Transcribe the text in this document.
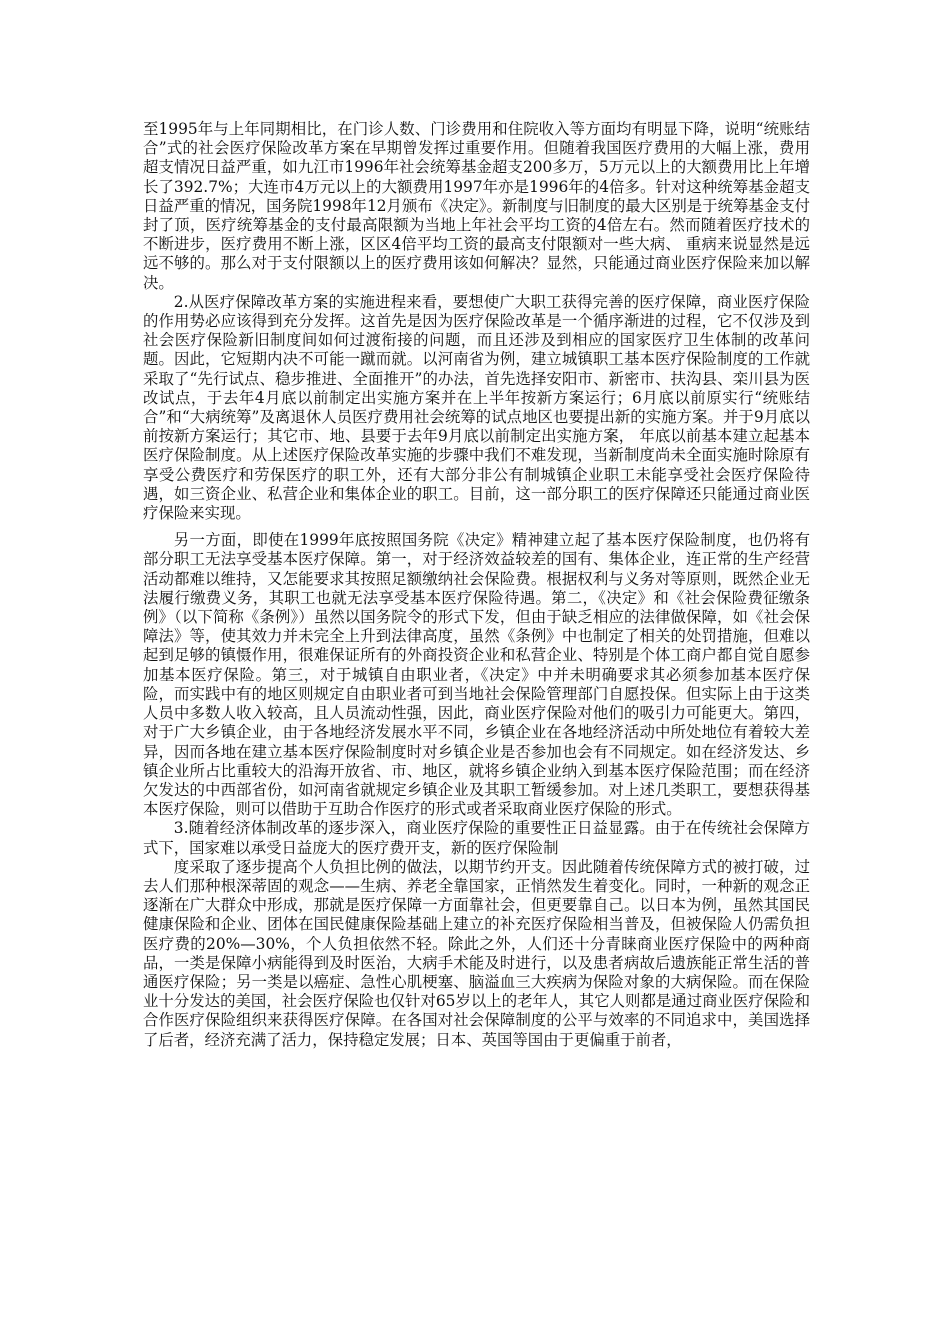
至1995年与上年同期相比，在门诊人数、门诊费用和住院收入等方面均有明显下降，说明“统账结合”式的社会医疗保险改革方案在早期曾发挥过重要作用。但随着我国医疗费用的大幅上涨，费用超支情况日益严重，如九江市1996年社会统筹基金超支200多万，5万元以上的大额费用比上年增长了392.7%；大连市4万元以上的大额费用1997年亦是1996年的4倍多。针对这种统筹基金超支日益严重的情况，国务院1998年12月颁布《决定》。新制度与旧制度的最大区别是于统筹基金支付封了顶，医疗统筹基金的支付最高限额为当地上年社会平均工资的4倍左右。然而随着医疗技术的不断进步，医疗费用不断上涨，区区4倍平均工资的最高支付限额对一些大病、 重病来说显然是远远不够的。那么对于支付限额以上的医疗费用该如何解决？显然，只能通过商业医疗保险来加以解决。

2.从医疗保障改革方案的实施进程来看，要想使广大职工获得完善的医疗保障，商业医疗保险的作用势必应该得到充分发挥。这首先是因为医疗保险改革是一个循序渐进的过程，它不仅涉及到社会医疗保险新旧制度间如何过渡衔接的问题，而且还涉及到相应的国家医疗卫生体制的改革问题。因此，它短期内决不可能一蹴而就。以河南省为例，建立城镇职工基本医疗保险制度的工作就采取了“先行试点、稳步推进、全面推开”的办法，首先选择安阳市、新密市、扶沟县、栾川县为医改试点，于去年4月底以前制定出实施方案并在上半年按新方案运行；6月底以前原实行“统账结合”和“大病统筹”及离退休人员医疗费用社会统筹的试点地区也要提出新的实施方案。并于9月底以前按新方案运行；其它市、地、县要于去年9月底以前制定出实施方案， 年底以前基本建立起基本医疗保险制度。从上述医疗保险改革实施的步骤中我们不难发现，当新制度尚未全面实施时除原有享受公费医疗和劳保医疗的职工外，还有大部分非公有制城镇企业职工未能享受社会医疗保险待遇，如三资企业、私营企业和集体企业的职工。目前，这一部分职工的医疗保障还只能通过商业医疗保险来实现。

另一方面，即使在1999年底按照国务院《决定》精神建立起了基本医疗保险制度，也仍将有部分职工无法享受基本医疗保障。第一，对于经济效益较差的国有、集体企业，连正常的生产经营活动都难以维持，又怎能要求其按照足额缴纳社会保险费。根据权利与义务对等原则，既然企业无法履行缴费义务，其职工也就无法享受基本医疗保险待遇。第二，《决定》和《社会保险费征缴条例》（以下简称《条例》）虽然以国务院令的形式下发，但由于缺乏相应的法律做保障，如《社会保障法》等，使其效力并未完全上升到法律高度，虽然《条例》中也制定了相关的处罚措施，但难以起到足够的镇慑作用，很难保证所有的外商投资企业和私营企业、特别是个体工商户都自觉自愿参加基本医疗保险。第三，对于城镇自由职业者，《决定》中并未明确要求其必须参加基本医疗保险，而实践中有的地区则规定自由职业者可到当地社会保险管理部门自愿投保。但实际上由于这类人员中多数人收入较高，且人员流动性强，因此，商业医疗保险对他们的吸引力可能更大。第四，对于广大乡镇企业，由于各地经济发展水平不同，乡镇企业在各地经济活动中所处地位有着较大差异，因而各地在建立基本医疗保险制度时对乡镇企业是否参加也会有不同规定。如在经济发达、乡镇企业所占比重较大的沿海开放省、市、地区，就将乡镇企业纳入到基本医疗保险范围；而在经济欠发达的中西部省份，如河南省就规定乡镇企业及其职工暂缓参加。对上述几类职工，要想获得基本医疗保险，则可以借助于互助合作医疗的形式或者采取商业医疗保险的形式。

3.随着经济体制改革的逐步深入，商业医疗保险的重要性正日益显露。由于在传统社会保障方式下，国家难以承受日益庞大的医疗费开支，新的医疗保险制

度采取了逐步提高个人负担比例的做法，以期节约开支。因此随着传统保障方式的被打破，过去人们那种根深蒂固的观念——生病、养老全靠国家，正悄然发生着变化。同时，一种新的观念正逐渐在广大群众中形成，那就是医疗保障一方面靠社会，但更要靠自己。以日本为例，虽然其国民健康保险和企业、团体在国民健康保险基础上建立的补充医疗保险相当普及，但被保险人仍需负担医疗费的20%—30%，个人负担依然不轻。除此之外，人们还十分青睐商业医疗保险中的两种商品，一类是保障小病能得到及时医治，大病手术能及时进行，以及患者病故后遗族能正常生活的普通医疗保险；另一类是以癌症、急性心肌梗塞、脑溢血三大疾病为保险对象的大病保险。而在保险业十分发达的美国，社会医疗保险也仅针对65岁以上的老年人，其它人则都是通过商业医疗保险和合作医疗保险组织来获得医疗保障。在各国对社会保障制度的公平与效率的不同追求中，美国选择了后者，经济充满了活力，保持稳定发展；日本、英国等国由于更偏重于前者，
